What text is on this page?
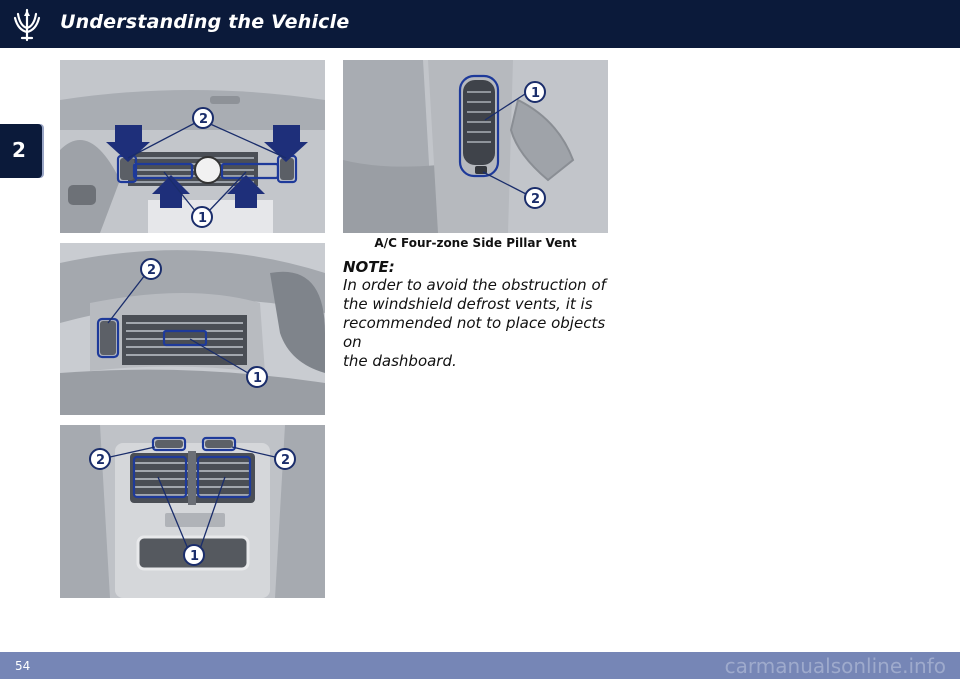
Understanding the Vehicle
2
2
1
2
1
2	2
1
1
2
A/C Four-zone Side Pillar Vent
NOTE:
In order to avoid the obstruction of
the windshield defrost vents, it is
recommended not to place objects on
the dashboard.
54	carmanualsonline.info
